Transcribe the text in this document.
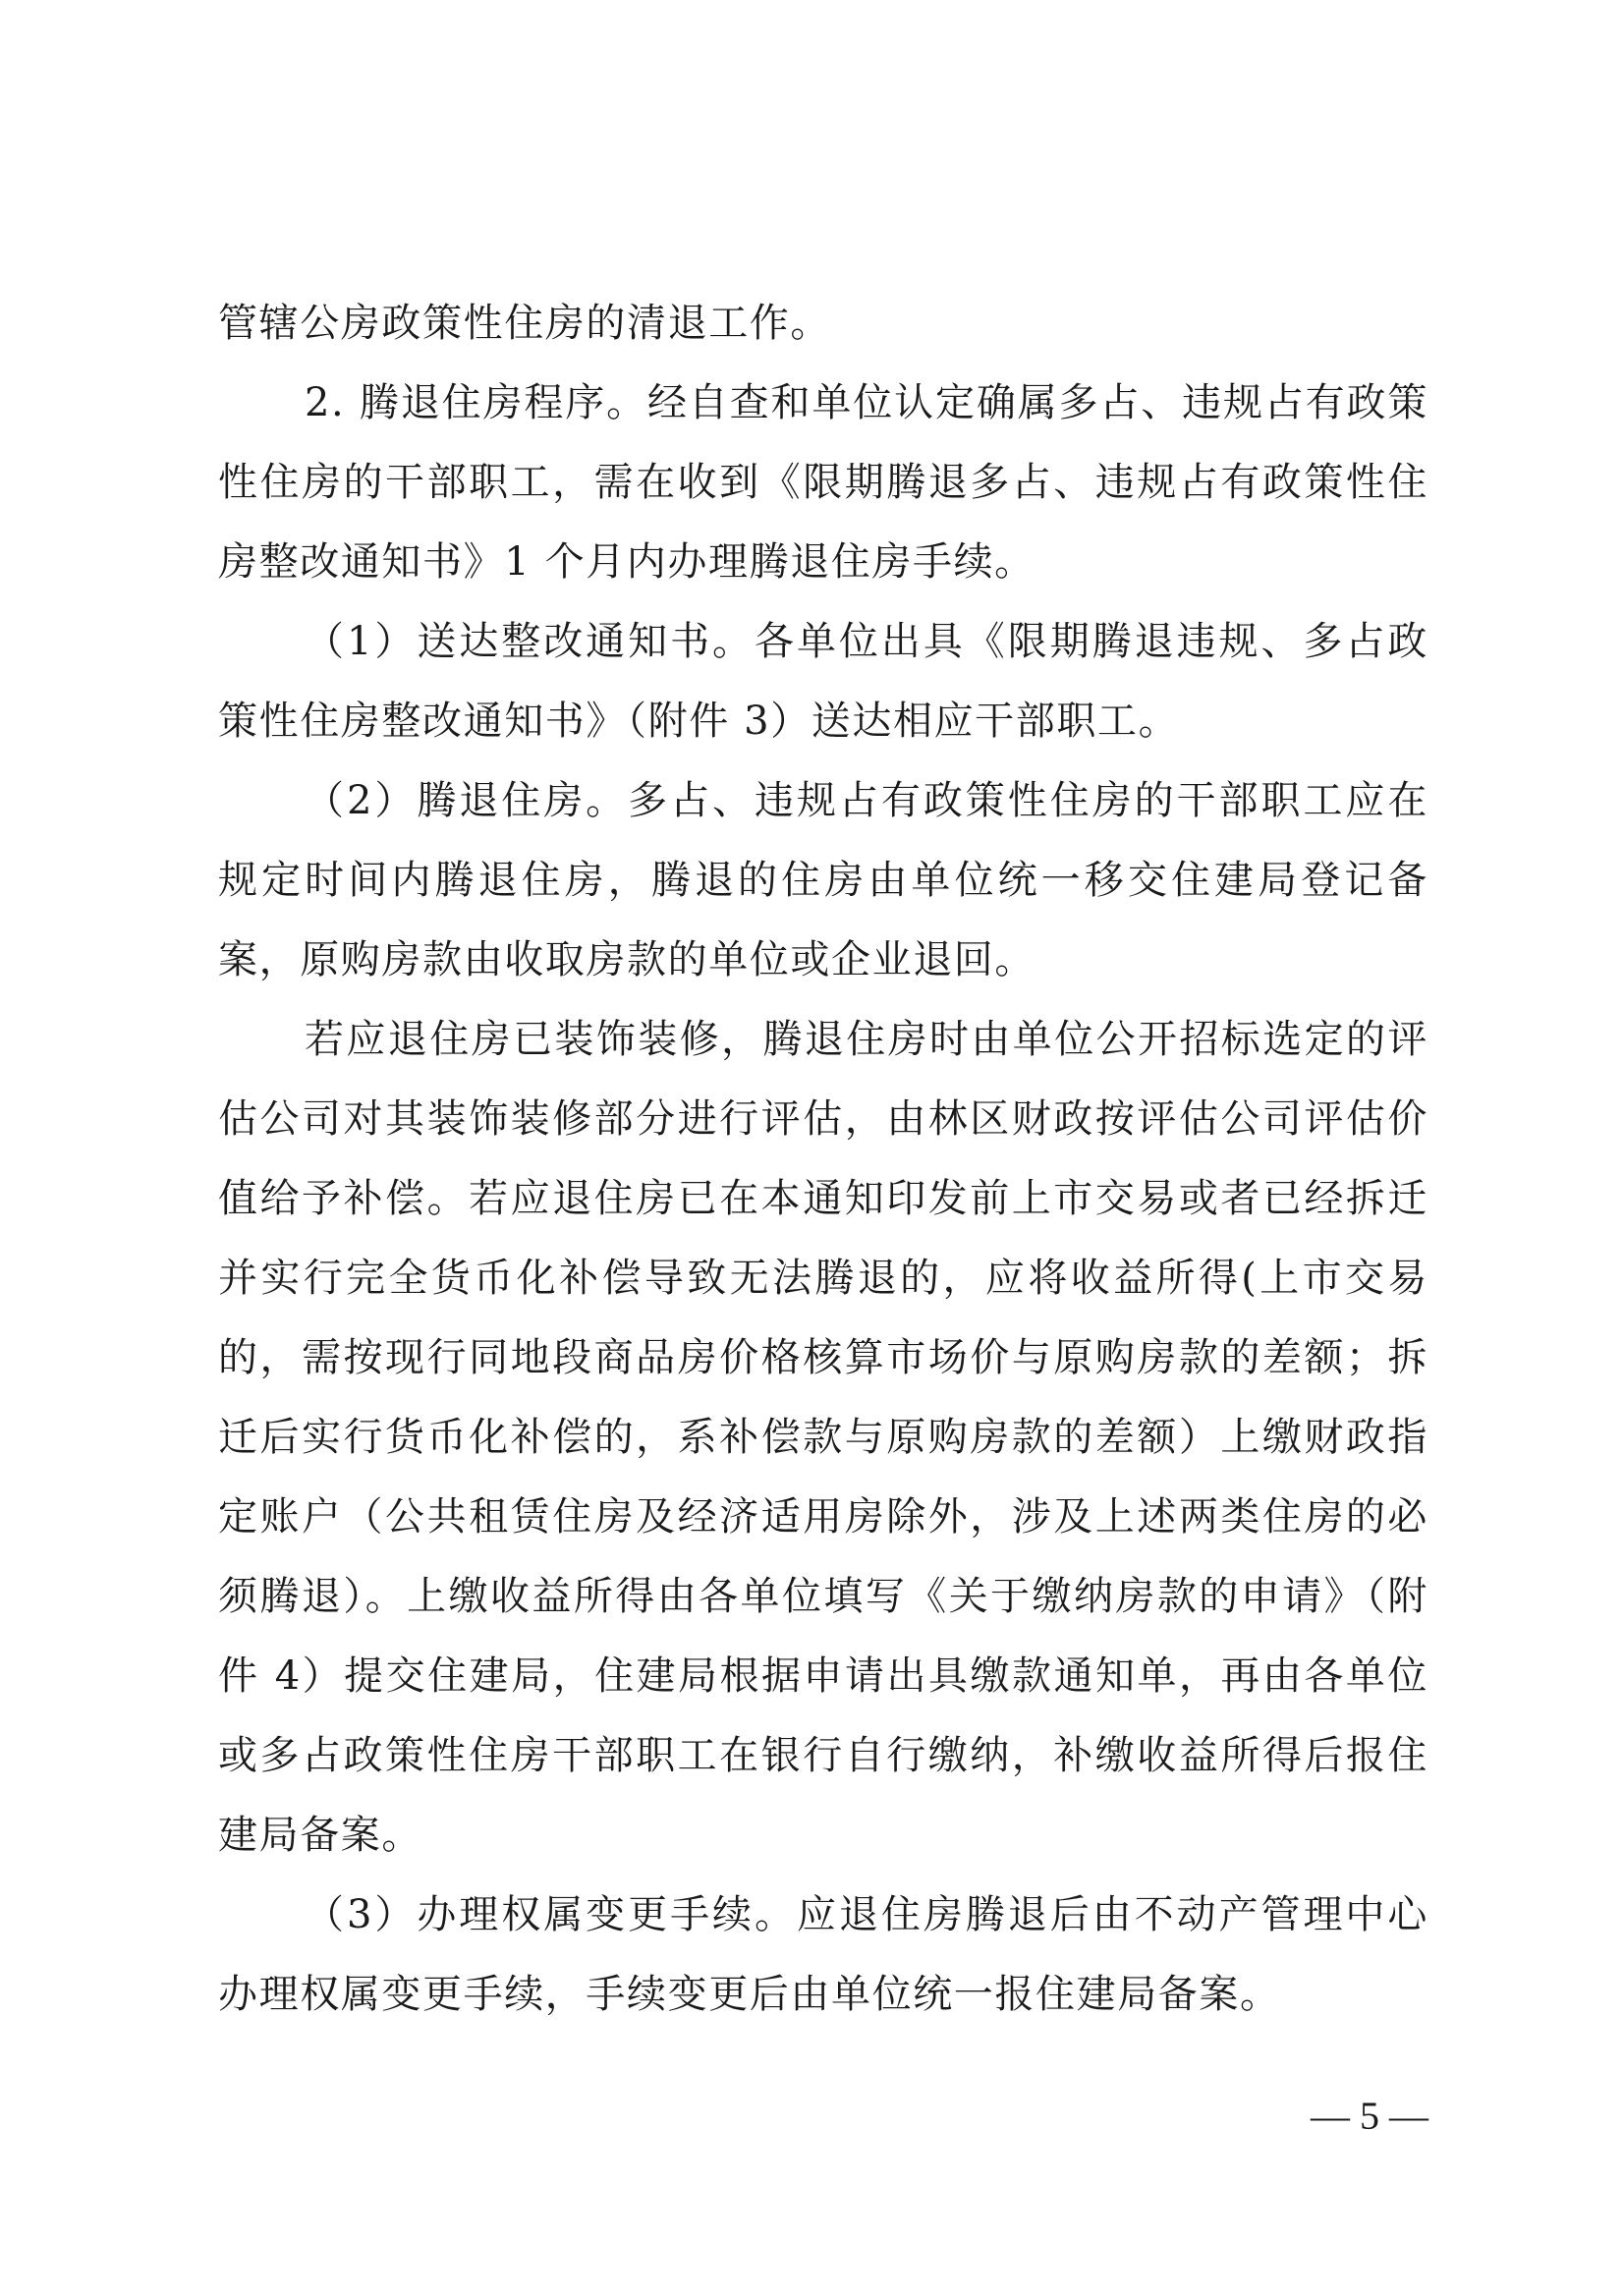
管辖公房政策性住房的清退工作。

2. 腾退住房程序。经自查和单位认定确属多占、违规占有政策性住房的干部职工，需在收到《限期腾退多占、违规占有政策性住房整改通知书》1 个月内办理腾退住房手续。

（1）送达整改通知书。各单位出具《限期腾退违规、多占政策性住房整改通知书》（附件 3）送达相应干部职工。

（2）腾退住房。多占、违规占有政策性住房的干部职工应在规定时间内腾退住房，腾退的住房由单位统一移交住建局登记备案，原购房款由收取房款的单位或企业退回。

若应退住房已装饰装修，腾退住房时由单位公开招标选定的评估公司对其装饰装修部分进行评估，由林区财政按评估公司评估价值给予补偿。若应退住房已在本通知印发前上市交易或者已经拆迁并实行完全货币化补偿导致无法腾退的，应将收益所得(上市交易的，需按现行同地段商品房价格核算市场价与原购房款的差额；拆迁后实行货币化补偿的，系补偿款与原购房款的差额）上缴财政指定账户（公共租赁住房及经济适用房除外，涉及上述两类住房的必须腾退）。上缴收益所得由各单位填写《关于缴纳房款的申请》（附件 4）提交住建局，住建局根据申请出具缴款通知单，再由各单位或多占政策性住房干部职工在银行自行缴纳，补缴收益所得后报住建局备案。

（3）办理权属变更手续。应退住房腾退后由不动产管理中心办理权属变更手续，手续变更后由单位统一报住建局备案。

— 5 —
